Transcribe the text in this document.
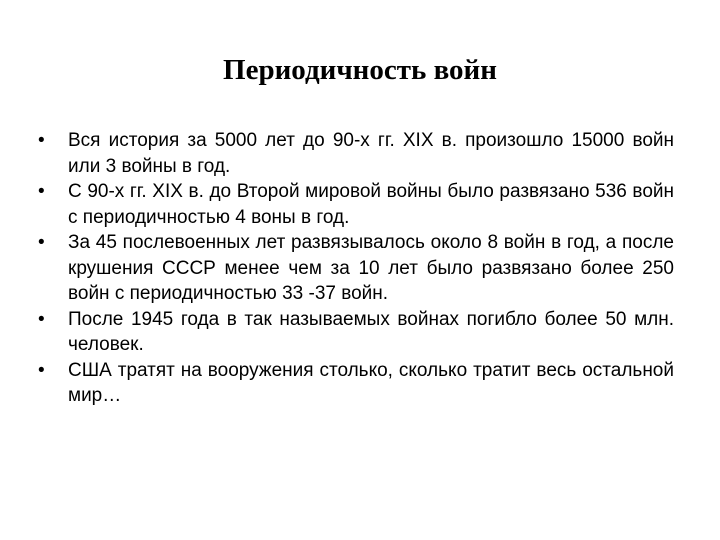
Периодичность войн
•	Вся история за 5000 лет до 90-х гг. XIX в. произошло 15000 войн или 3 войны в год.
•	С 90-х гг. XIX в. до Второй мировой войны было развязано 536 войн с периодичностью 4 воны в год.
•	За 45 послевоенных лет развязывалось около 8 войн в год, а после крушения СССР менее чем за 10 лет было развязано более 250 войн с периодичностью 33 -37 войн.
•	После 1945 года в так называемых войнах погибло более 50 млн. человек.
•	США тратят на вооружения столько, сколько тратит весь остальной мир…
